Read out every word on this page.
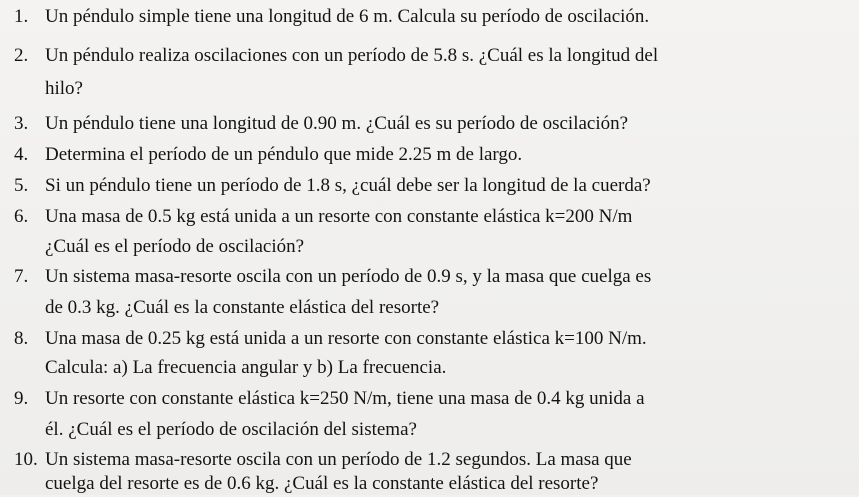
1. Un péndulo simple tiene una longitud de 6 m. Calcula su período de oscilación.
2. Un péndulo realiza oscilaciones con un período de 5.8 s. ¿Cuál es la longitud del
hilo?
3. Un péndulo tiene una longitud de 0.90 m. ¿Cuál es su período de oscilación?
4. Determina el período de un péndulo que mide 2.25 m de largo.
5. Si un péndulo tiene un período de 1.8 s, ¿cuál debe ser la longitud de la cuerda?
6. Una masa de 0.5 kg está unida a un resorte con constante elástica k=200 N/m
¿Cuál es el período de oscilación?
7. Un sistema masa-resorte oscila con un período de 0.9 s, y la masa que cuelga es
de 0.3 kg. ¿Cuál es la constante elástica del resorte?
8. Una masa de 0.25 kg está unida a un resorte con constante elástica k=100 N/m.
Calcula: a) La frecuencia angular y b) La frecuencia.
9. Un resorte con constante elástica k=250 N/m, tiene una masa de 0.4 kg unida a
él. ¿Cuál es el período de oscilación del sistema?
10. Un sistema masa-resorte oscila con un período de 1.2 segundos. La masa que
cuelga del resorte es de 0.6 kg. ¿Cuál es la constante elástica del resorte?
